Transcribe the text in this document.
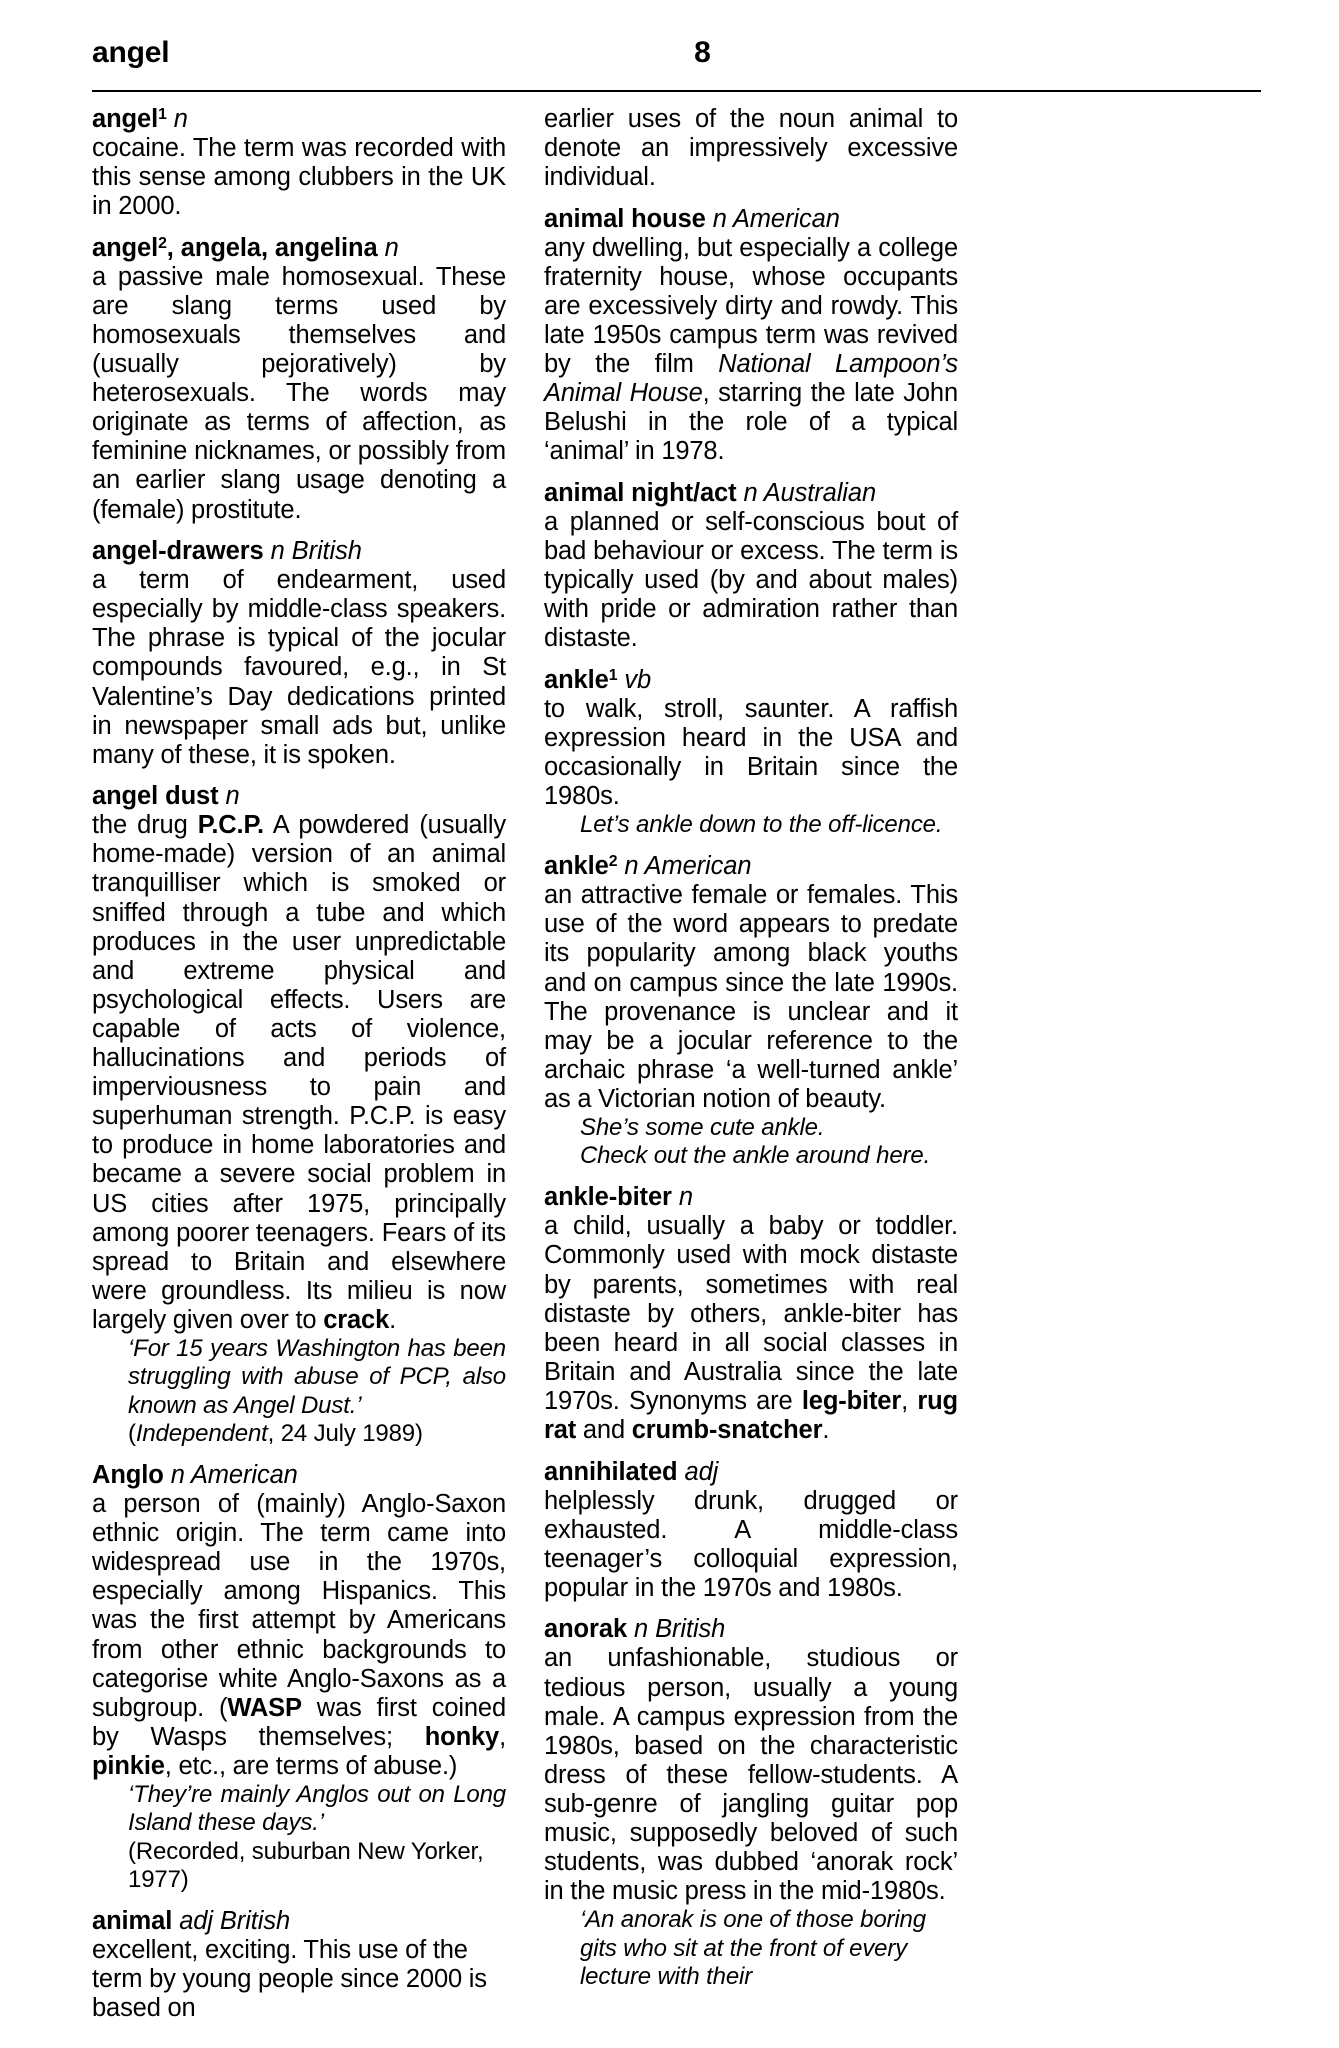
angel	8
angel$^1$ n

cocaine. The term was recorded with this sense among clubbers in the UK in 2000.

angel$^2$, angela, angelina n

a passive male homosexual. These are slang terms used by homosexuals themselves and (usually pejoratively) by heterosexuals. The words may originate as terms of affection, as feminine nicknames, or possibly from an earlier slang usage denoting a (female) prostitute.

angel-drawers n British

a term of endearment, used especially by middle-class speakers. The phrase is typical of the jocular compounds favoured, e.g., in St Valentine’s Day dedications printed in newspaper small ads but, unlike many of these, it is spoken.

angel dust n

the drug P.C.P. A powdered (usually home-made) version of an animal tranquilliser which is smoked or sniffed through a tube and which produces in the user unpredictable and extreme physical and psychological effects. Users are capable of acts of violence, hallucinations and periods of imperviousness to pain and superhuman strength. P.C.P. is easy to produce in home laboratories and became a severe social problem in US cities after 1975, principally among poorer teenagers. Fears of its spread to Britain and elsewhere were groundless. Its milieu is now largely given over to crack.

‘For 15 years Washington has been struggling with abuse of PCP, also known as Angel Dust.’

(Independent, 24 July 1989)

Anglo n American

a person of (mainly) Anglo-Saxon ethnic origin. The term came into widespread use in the 1970s, especially among Hispanics. This was the first attempt by Americans from other ethnic backgrounds to categorise white Anglo-Saxons as a subgroup. (WASP was first coined by Wasps themselves; honky, pinkie, etc., are terms of abuse.)

‘They’re mainly Anglos out on Long Island these days.’

(Recorded, suburban New Yorker, 1977)

animal adj British

excellent, exciting. This use of the term by young people since 2000 is based on

earlier uses of the noun animal to denote an impressively excessive individual.

animal house n American

any dwelling, but especially a college fraternity house, whose occupants are excessively dirty and rowdy. This late 1950s campus term was revived by the film National Lampoon’s Animal House, starring the late John Belushi in the role of a typical ‘animal’ in 1978.

animal night/act n Australian

a planned or self-conscious bout of bad behaviour or excess. The term is typically used (by and about males) with pride or admiration rather than distaste.

ankle$^1$ vb

to walk, stroll, saunter. A raffish expression heard in the USA and occasionally in Britain since the 1980s.

Let’s ankle down to the off-licence.

ankle$^2$ n American

an attractive female or females. This use of the word appears to predate its popularity among black youths and on campus since the late 1990s. The provenance is unclear and it may be a jocular reference to the archaic phrase ‘a well-turned ankle’ as a Victorian notion of beauty.

She’s some cute ankle.

Check out the ankle around here.

ankle-biter n

a child, usually a baby or toddler. Commonly used with mock distaste by parents, sometimes with real distaste by others, ankle-biter has been heard in all social classes in Britain and Australia since the late 1970s. Synonyms are leg-biter, rug rat and crumb-snatcher.

annihilated adj

helplessly drunk, drugged or exhausted. A middle-class teenager’s colloquial expression, popular in the 1970s and 1980s.

anorak n British

an unfashionable, studious or tedious person, usually a young male. A campus expression from the 1980s, based on the characteristic dress of these fellow-students. A sub-genre of jangling guitar pop music, supposedly beloved of such students, was dubbed ‘anorak rock’ in the music press in the mid-1980s.

‘An anorak is one of those boring gits who sit at the front of every lecture with their
